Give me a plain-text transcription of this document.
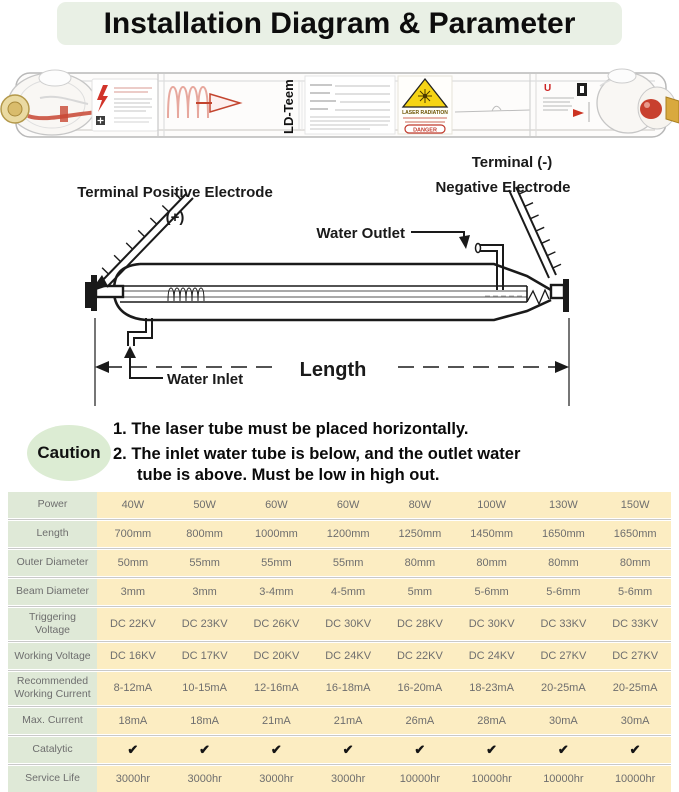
Installation Diagram & Parameter
LD-Teem	LASER RADIATION
DANGER
U
Terminal Positive Electrode
(+)
Terminal (-)
Negative Electrode
Water Outlet
Water Inlet	Length
Caution
1. The laser tube must be placed horizontally.
2. The inlet water tube is below, and the outlet water
tube is above. Must be low in high out.
Power	40W	50W	60W	60W	80W	100W	130W	150W
Length	700mm	800mm	1000mm	1200mm	1250mm	1450mm	1650mm	1650mm
Outer Diameter	50mm	55mm	55mm	55mm	80mm	80mm	80mm	80mm
Beam Diameter	3mm	3mm	3-4mm	4-5mm	5mm	5-6mm	5-6mm	5-6mm
Triggering Voltage	DC 22KV	DC 23KV	DC 26KV	DC 30KV	DC 28KV	DC 30KV	DC 33KV	DC 33KV
Working Voltage	DC 16KV	DC 17KV	DC 20KV	DC 24KV	DC 22KV	DC 24KV	DC 27KV	DC 27KV
Recommended Working Current	8-12mA	10-15mA	12-16mA	16-18mA	16-20mA	18-23mA	20-25mA	20-25mA
Max. Current	18mA	18mA	21mA	21mA	26mA	28mA	30mA	30mA
Catalytic	✔	✔	✔	✔	✔	✔	✔	✔
Service Life	3000hr	3000hr	3000hr	3000hr	10000hr	10000hr	10000hr	10000hr
